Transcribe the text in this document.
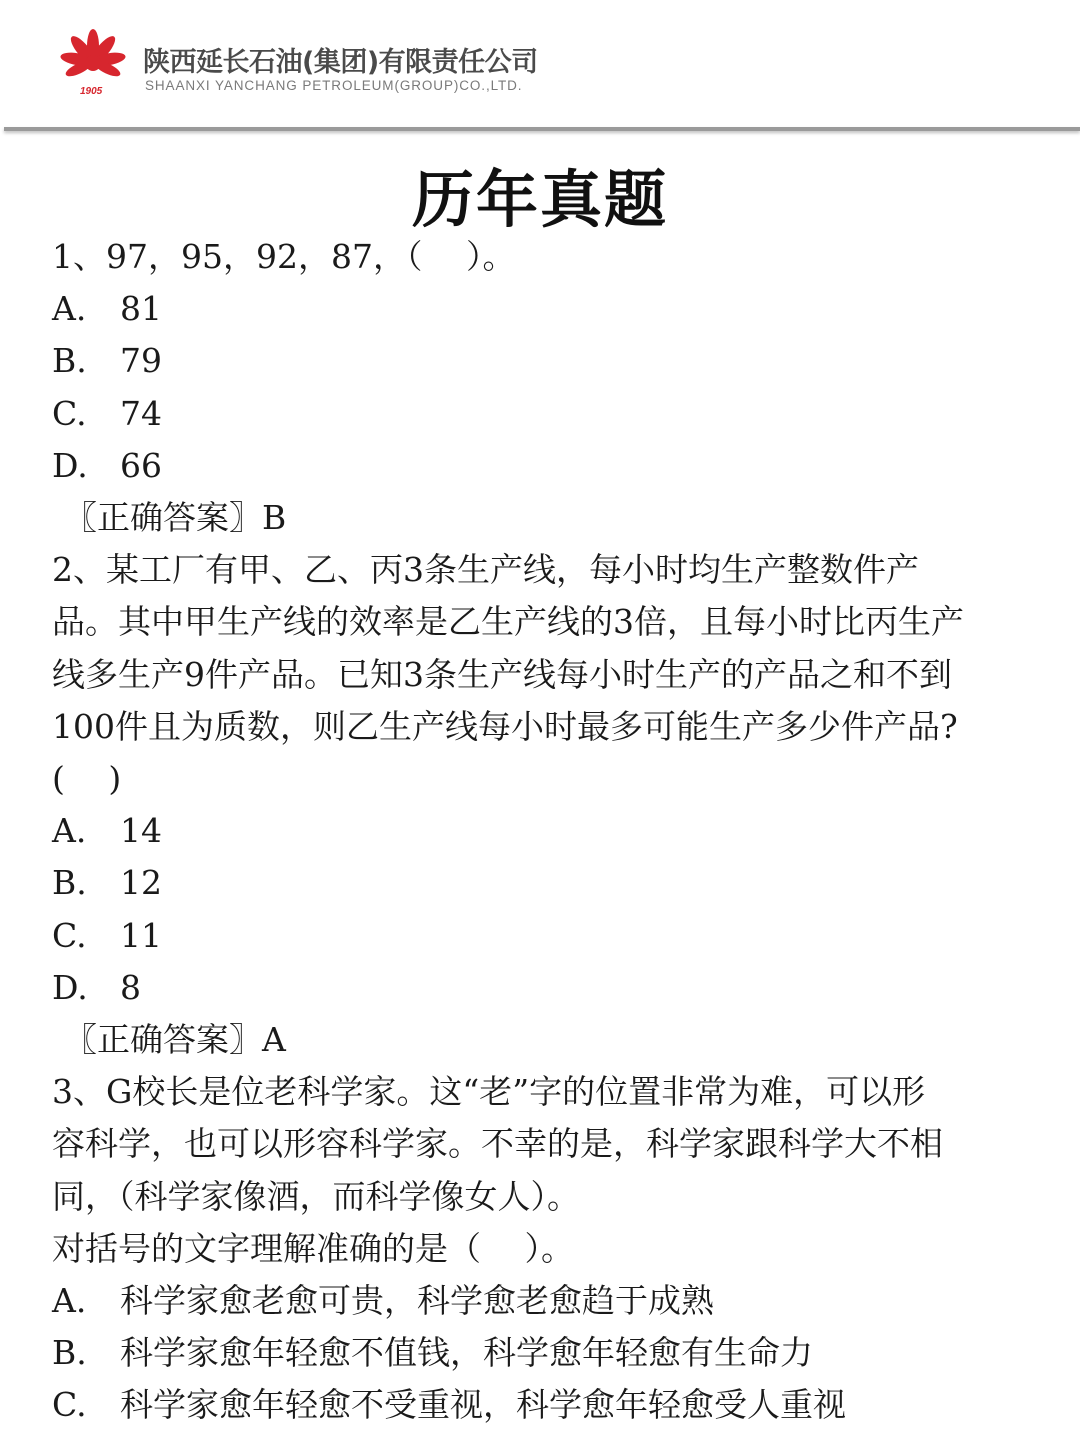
1905
陕西延长石油(集团)有限责任公司
SHAANXI YANCHANG PETROLEUM(GROUP)CO.,LTD.
历年真题
1、97，95，92，87，（　 ）。
A. 81
B. 79
C. 74
D. 66
〖正确答案〗B
2、某工厂有甲、乙、丙3条生产线，每小时均生产整数件产
品。其中甲生产线的效率是乙生产线的3倍，且每小时比丙生产
线多生产9件产品。已知3条生产线每小时生产的产品之和不到
100件且为质数，则乙生产线每小时最多可能生产多少件产品?
(　 )
A. 14
B. 12
C. 11
D. 8
〖正确答案〗A
3、G校长是位老科学家。这“老”字的位置非常为难，可以形
容科学，也可以形容科学家。不幸的是，科学家跟科学大不相
同，（科学家像酒，而科学像女人）。
对括号的文字理解准确的是（　 ）。
A. 科学家愈老愈可贵，科学愈老愈趋于成熟
B. 科学家愈年轻愈不值钱，科学愈年轻愈有生命力
C. 科学家愈年轻愈不受重视，科学愈年轻愈受人重视
